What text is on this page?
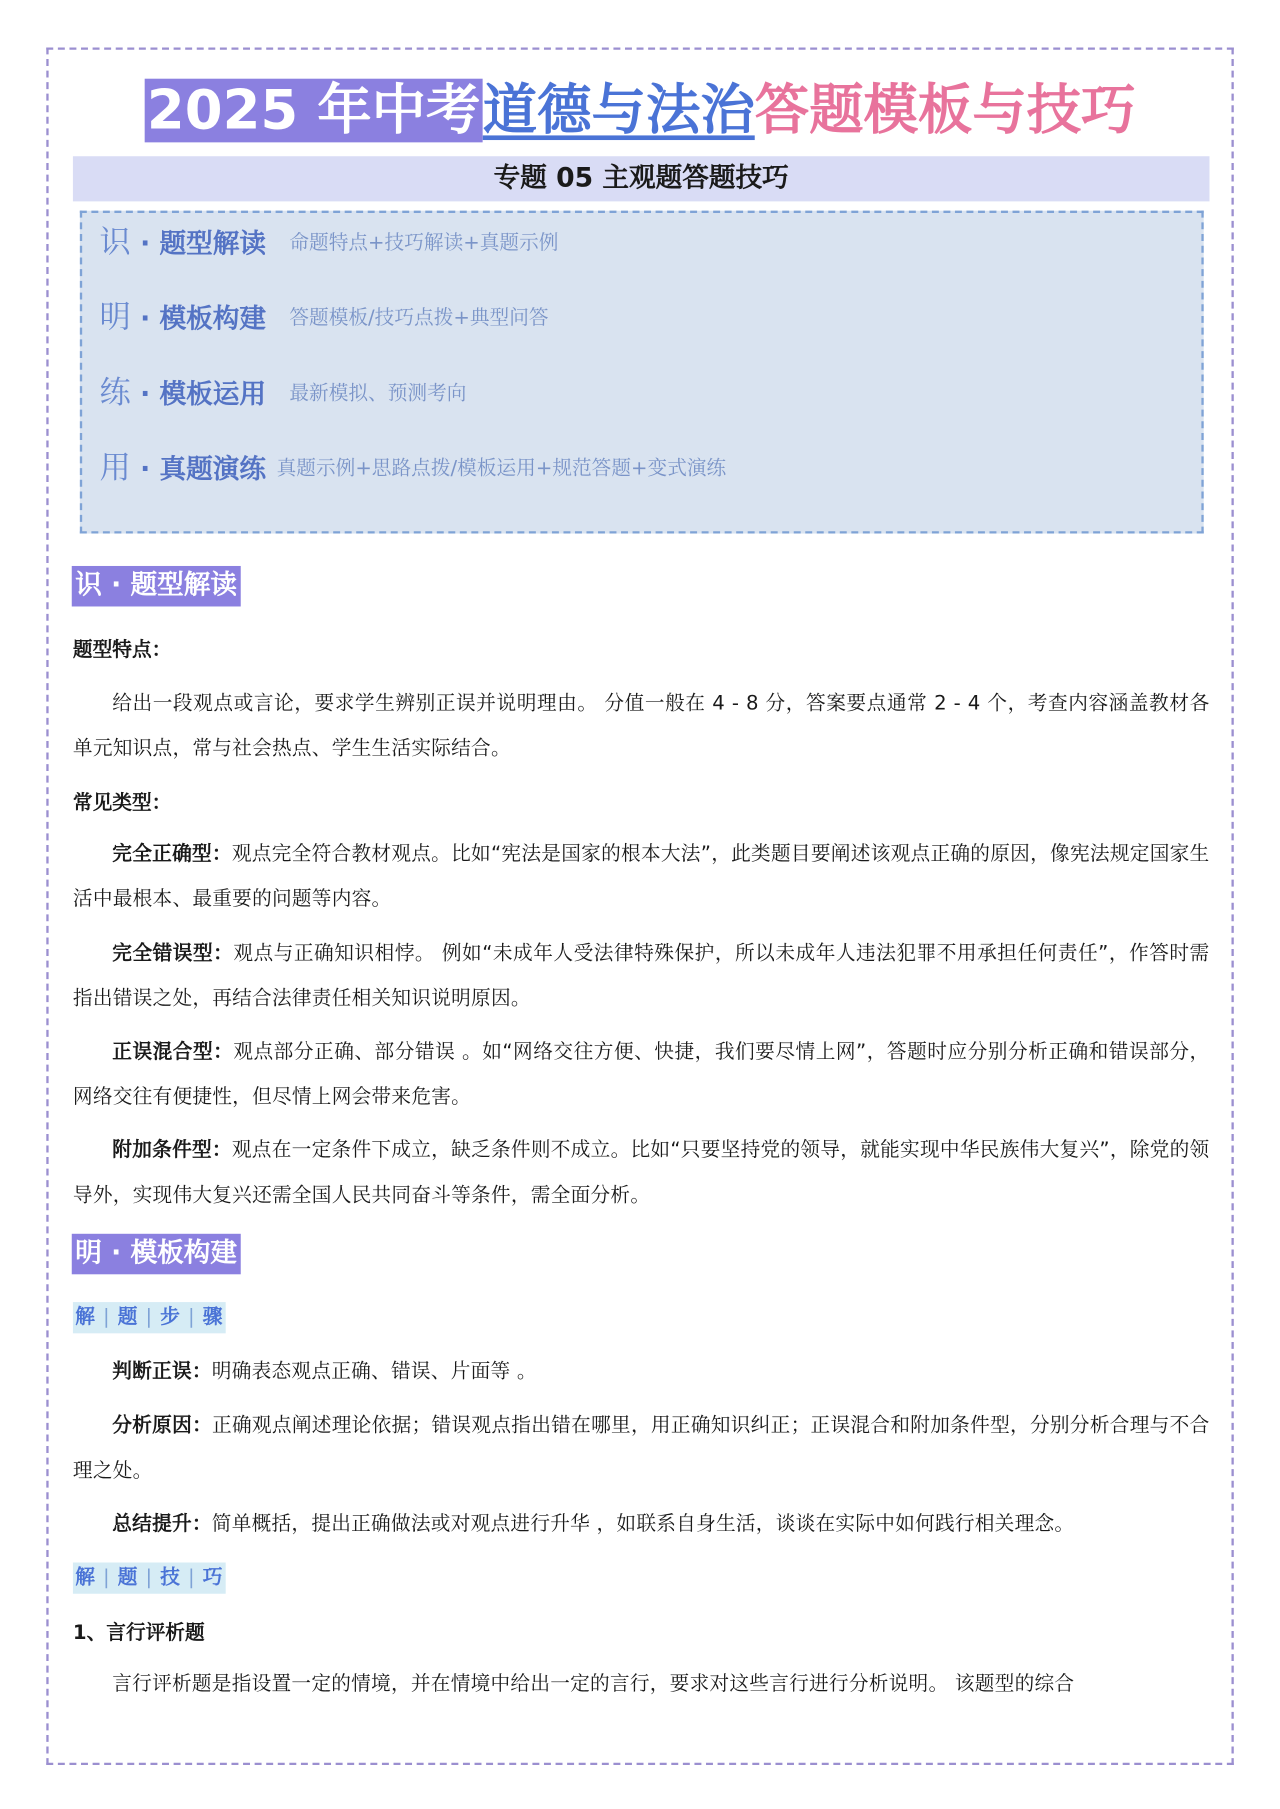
2025 年中考道德与法治答题模板与技巧
专题 05 主观题答题技巧
识 · 题型解读 命题特点+技巧解读+真题示例
明 · 模板构建 答题模板/技巧点拨+典型问答
练 · 模板运用 最新模拟、预测考向
用 · 真题演练 真题示例+思路点拨/模板运用+规范答题+变式演练
识 · 题型解读
题型特点：
给出一段观点或言论，要求学生辨别正误并说明理由。 分值一般在 4 - 8 分，答案要点通常 2 - 4 个，考查内容涵盖教材各单元知识点，常与社会热点、学生生活实际结合。
常见类型：
完全正确型：观点完全符合教材观点。比如“宪法是国家的根本大法”，此类题目要阐述该观点正确的原因，像宪法规定国家生活中最根本、最重要的问题等内容。
完全错误型：观点与正确知识相悖。 例如“未成年人受法律特殊保护，所以未成年人违法犯罪不用承担任何责任”，作答时需指出错误之处，再结合法律责任相关知识说明原因。
正误混合型：观点部分正确、部分错误 。如“网络交往方便、快捷，我们要尽情上网”，答题时应分别分析正确和错误部分，网络交往有便捷性，但尽情上网会带来危害。
附加条件型：观点在一定条件下成立，缺乏条件则不成立。比如“只要坚持党的领导，就能实现中华民族伟大复兴”，除党的领导外，实现伟大复兴还需全国人民共同奋斗等条件，需全面分析。
明 · 模板构建
解 | 题 | 步 | 骤
判断正误：明确表态观点正确、错误、片面等 。
分析原因：正确观点阐述理论依据；错误观点指出错在哪里，用正确知识纠正；正误混合和附加条件型，分别分析合理与不合理之处。
总结提升：简单概括，提出正确做法或对观点进行升华 ，如联系自身生活，谈谈在实际中如何践行相关理念。
解 | 题 | 技 | 巧
1、言行评析题
言行评析题是指设置一定的情境，并在情境中给出一定的言行，要求对这些言行进行分析说明。 该题型的综合
